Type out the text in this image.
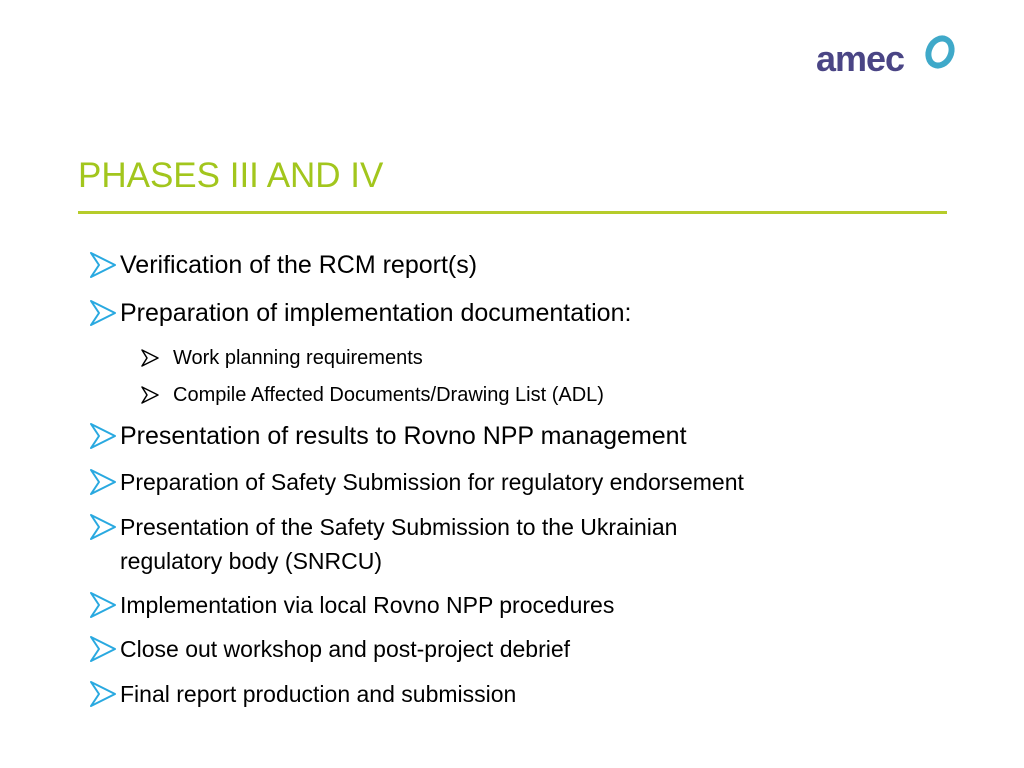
amec
PHASES III AND IV
Verification of the RCM report(s)
Preparation of implementation documentation:
Work planning requirements
Compile Affected Documents/Drawing List (ADL)
Presentation of results to Rovno NPP management
Preparation of Safety Submission for regulatory endorsement
Presentation of the Safety Submission to the Ukrainian
regulatory body (SNRCU)
Implementation via local Rovno NPP procedures
Close out workshop and post-project debrief
Final report production and submission
